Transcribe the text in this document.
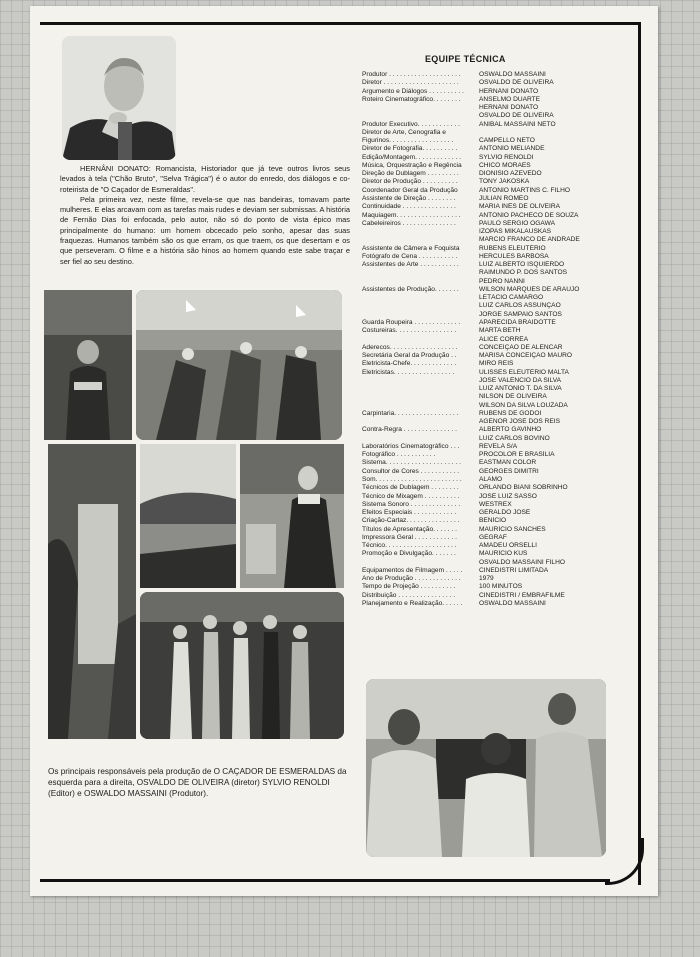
HERNÂNI DONATO: Romancista, Historiador que já teve outros livros seus levados à tela ("Chão Bruto", "Selva Trágica") é o autor do enredo, dos diálogos e co-roteirista de "O Caçador de Esmeraldas".

Pela primeira vez, neste filme, revela-se que nas bandeiras, tomavam parte mulheres. E elas arcavam com as tarefas mais rudes e deviam ser submissas. A história de Fernão Dias foi enfocada, pelo autor, não só do ponto de vista épico mas principalmente do humano: um homem obcecado pelo sonho, apesar das suas fraquezas. Humanos também são os que erram, os que traem, os que desertam e os que perseveram. O filme e a história são hinos ao homem quando este sabe traçar e ser fiel ao seu destino.

Os principais responsáveis pela produção de O CAÇADOR DE ESMERALDAS da esquerda para a direita, OSVALDO DE OLIVEIRA (diretor) SYLVIO RENOLDI (Editor) e OSWALDO MASSAINI (Produtor).
EQUIPE TÉCNICA
Produtor . . . . . . . . . . . . . . . . . . . .	OSWALDO MASSAINI
Diretor . . . . . . . . . . . . . . . . . . . . .	OSVALDO DE OLIVEIRA
Argumento e Diálogos . . . . . . . . . .	HERNÂNI DONATO
Roteiro Cinematográfico. . . . . . . .	ANSELMO DUARTE
HERNÂNI DONATO
OSVALDO DE OLIVEIRA
Produtor Executivo. . . . . . . . . . . .	ANIBAL MASSAINI NETO
Diretor de Arte, Cenografia e
Figurinos. . . . . . . . . . . . . . . . . .	CAMPELLO NETO
Diretor de Fotografia. . . . . . . . . .	ANTONIO MELIANDE
Edição/Montagem. . . . . . . . . . . . .	SYLVIO RENOLDI
Música, Orquestração e Regência	CHICO MORAES
Direção de Dublagem . . . . . . . . .	DIONÍSIO AZEVEDO
Diretor de Produção . . . . . . . . . .	TONY JAKOSKA
Coordenador Geral da Produção	ANTONIO MARTINS C. FILHO
Assistente de Direção . . . . . . . .	JULIAN ROMEO
Continuidade . . . . . . . . . . . . . . .	MARIA INÊS DE OLIVEIRA
Maquiagem. . . . . . . . . . . . . . . . . .	ANTONIO PACHECO DE SOUZA
Cabeleireiros . . . . . . . . . . . . . . .	PAULO SÉRGIO OGAWA
IZOPAS MIKALAUSKAS
MÁRCIO FRANCO DE ANDRADE
Assistente de Câmera e Foquista	RUBENS ELEUTÉRIO
Fotógrafo de Cena . . . . . . . . . . .	HERCULES BARBOSA
Assistentes de Arte . . . . . . . . . . .	LUIZ ALBERTO ISQUIERDO
RAIMUNDO P. DOS SANTOS
PEDRO NANNI
Assistentes de Produção. . . . . . .	WILSON MARQUES DE ARAUJO
LETÁCIO CAMARGO
LUIZ CARLOS ASSUNÇÃO
JORGE SAMPAIO SANTOS
Guarda Roupeira . . . . . . . . . . . . .	APARECIDA BRAIDOTTE
Costureiras. . . . . . . . . . . . . . . . .	MARTA BETH
ALICE CORRÊA
Aderecos. . . . . . . . . . . . . . . . . . .	CONCEIÇÃO DE ALENCAR
Secretária Geral da Produção . .	MARISA CONCEIÇÃO MAURO
Eletricista-Chefe. . . . . . . . . . . . .	MIRO REIS
Eletricistas. . . . . . . . . . . . . . . . .	ULISSES ELEUTÉRIO MALTA
JOSÉ VALÊNCIO DA SILVA
LUIZ ANTONIO T. DA SILVA
NILSON DE OLIVEIRA
WILSON DA SILVA LOUZADA
Carpintaria. . . . . . . . . . . . . . . . . .	RUBENS DE GODÓI
AGENOR JOSÉ DOS REIS
Contra-Regra . . . . . . . . . . . . . . .	ALBERTO GAVINHO
LUIZ CARLOS BOVINO
Laboratórios Cinematográfico . . .	REVELA S/A
Fotográfico . . . . . . . . . . .	PROCOLOR E BRASÍLIA
Sistema. . . . . . . . . . . . . . . . . . . . .	EASTMAN COLOR
Consultor de Cores . . . . . . . . . . .	GEORGES DIMITRI
Som. . . . . . . . . . . . . . . . . . . . . . . .	ALAMO
Técnicos de Dublagem . . . . . . . .	ORLANDO BIANI SOBRINHO
Técnico de Mixagem . . . . . . . . . .	JOSÉ LUIZ SASSO
Sistema Sonoro . . . . . . . . . . . . . .	WESTREX
Efeitos Especiais . . . . . . . . . . . .	GERALDO JOSÉ
Criação-Cartaz. . . . . . . . . . . . . . .	BENÍCIO
Títulos de Apresentação. . . . . . .	MAURÍCIO SANCHES
Impressora Geral . . . . . . . . . . . .	GEGRAF
Técnico. . . . . . . . . . . . . . . . . . . .	AMADEU ORSELLI
Promoção e Divulgação. . . . . . .	MAURÍCIO KUS
OSVALDO MASSAINI FILHO
Equipamentos de Filmagem . . . . .	CINEDISTRI LIMITADA
Ano de Produção . . . . . . . . . . . . .	1979
Tempo de Projeção . . . . . . . . . .	100 MINUTOS
Distribuição . . . . . . . . . . . . . . . .	CINEDISTRI / EMBRAFILME
Planejamento e Realização. . . . . .	OSWALDO MASSAINI
